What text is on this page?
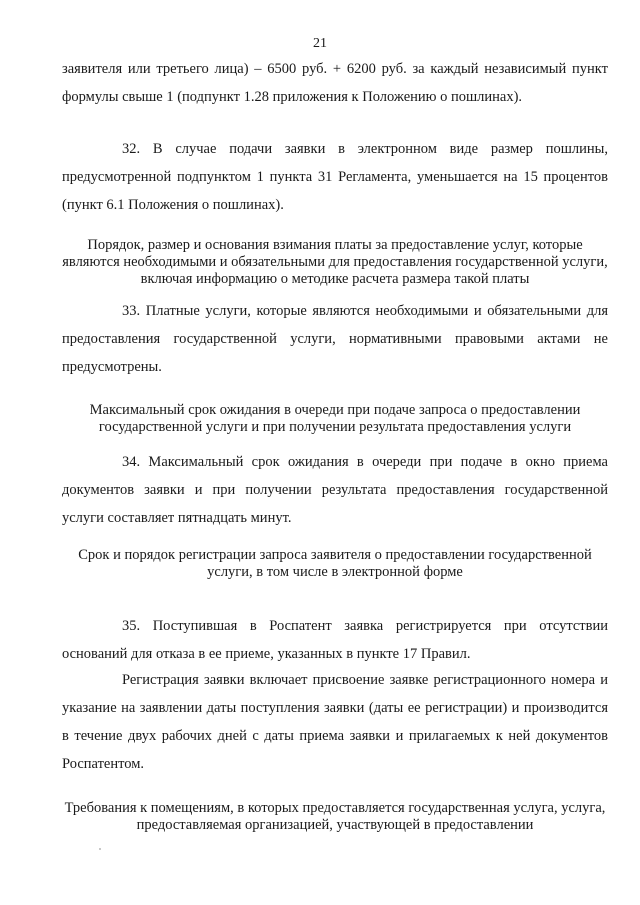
21

заявителя или третьего лица) – 6500 руб. + 6200 руб. за каждый независимый пункт формулы свыше 1 (подпункт 1.28 приложения к Положению о пошлинах).

32. В случае подачи заявки в электронном виде размер пошлины, предусмотренной подпунктом 1 пункта 31 Регламента, уменьшается на 15 процентов (пункт 6.1 Положения о пошлинах).

Порядок, размер и основания взимания платы за предоставление услуг, которые являются необходимыми и обязательными для предоставления государственной услуги, включая информацию о методике расчета размера такой платы

33. Платные услуги, которые являются необходимыми и обязательными для предоставления государственной услуги, нормативными правовыми актами не предусмотрены.

Максимальный срок ожидания в очереди при подаче запроса о предоставлении государственной услуги и при получении результата предоставления услуги

34. Максимальный срок ожидания в очереди при подаче в окно приема документов заявки и при получении результата предоставления государственной услуги составляет пятнадцать минут.

Срок и порядок регистрации запроса заявителя о предоставлении государственной услуги, в том числе в электронной форме

35. Поступившая в Роспатент заявка регистрируется при отсутствии оснований для отказа в ее приеме, указанных в пункте 17 Правил.

Регистрация заявки включает присвоение заявке регистрационного номера и указание на заявлении даты поступления заявки (даты ее регистрации) и производится в течение двух рабочих дней с даты приема заявки и прилагаемых к ней документов Роспатентом.

Требования к помещениям, в которых предоставляется государственная услуга, услуга, предоставляемая организацией, участвующей в предоставлении
